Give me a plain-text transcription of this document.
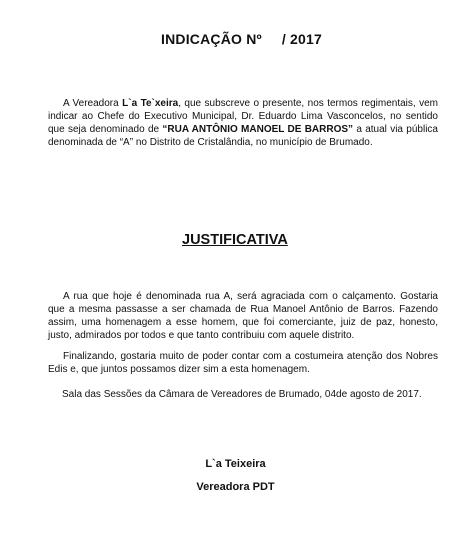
INDICAÇÃO Nº / 2017

A Vereadora L`a Te`xeira, que subscreve o presente, nos termos regimentais, vem indicar ao Chefe do Executivo Municipal, Dr. Eduardo Lima Vasconcelos, no sentido que seja denominado de “RUA ANTÔNIO MANOEL DE BARROS” a atual via pública denominada de “A” no Distrito de Cristalândia, no município de Brumado.

JUSTIFICATIVA

A rua que hoje é denominada rua A, será agraciada com o calçamento. Gostaria que a mesma passasse a ser chamada de Rua Manoel Antônio de Barros. Fazendo assim, uma homenagem a esse homem, que foi comerciante, juiz de paz, honesto, justo, admirados por todos e que tanto contribuiu com aquele distrito.

Finalizando, gostaria muito de poder contar com a costumeira atenção dos Nobres Edis e, que juntos possamos dizer sim a esta homenagem.

Sala das Sessões da Câmara de Vereadores de Brumado, 04de agosto de 2017.
L`a Teixeira
Vereadora PDT
